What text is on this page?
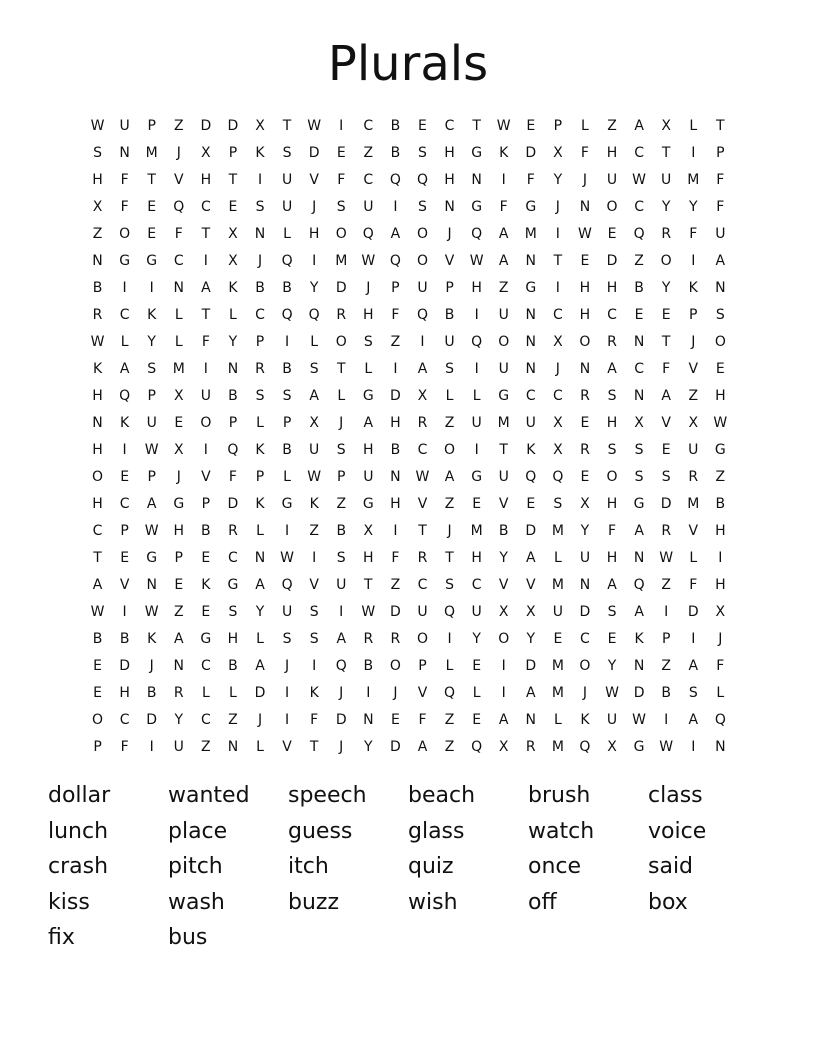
Plurals
W	U	P	Z	D	D	X	T	W	I	C	B	E	C	T	W	E	P	L	Z	A	X	L	T
S	N	M	J	X	P	K	S	D	E	Z	B	S	H	G	K	D	X	F	H	C	T	I	P
H	F	T	V	H	T	I	U	V	F	C	Q	Q	H	N	I	F	Y	J	U	W	U	M	F
X	F	E	Q	C	E	S	U	J	S	U	I	S	N	G	F	G	J	N	O	C	Y	Y	F
Z	O	E	F	T	X	N	L	H	O	Q	A	O	J	Q	A	M	I	W	E	Q	R	F	U
N	G	G	C	I	X	J	Q	I	M	W	Q	O	V	W	A	N	T	E	D	Z	O	I	A
B	I	I	N	A	K	B	B	Y	D	J	P	U	P	H	Z	G	I	H	H	B	Y	K	N
R	C	K	L	T	L	C	Q	Q	R	H	F	Q	B	I	U	N	C	H	C	E	E	P	S
W	L	Y	L	F	Y	P	I	L	O	S	Z	I	U	Q	O	N	X	O	R	N	T	J	O
K	A	S	M	I	N	R	B	S	T	L	I	A	S	I	U	N	J	N	A	C	F	V	E
H	Q	P	X	U	B	S	S	A	L	G	D	X	L	L	G	C	C	R	S	N	A	Z	H
N	K	U	E	O	P	L	P	X	J	A	H	R	Z	U	M	U	X	E	H	X	V	X	W
H	I	W	X	I	Q	K	B	U	S	H	B	C	O	I	T	K	X	R	S	S	E	U	G
O	E	P	J	V	F	P	L	W	P	U	N	W	A	G	U	Q	Q	E	O	S	S	R	Z
H	C	A	G	P	D	K	G	K	Z	G	H	V	Z	E	V	E	S	X	H	G	D	M	B
C	P	W	H	B	R	L	I	Z	B	X	I	T	J	M	B	D	M	Y	F	A	R	V	H
T	E	G	P	E	C	N	W	I	S	H	F	R	T	H	Y	A	L	U	H	N	W	L	I
A	V	N	E	K	G	A	Q	V	U	T	Z	C	S	C	V	V	M	N	A	Q	Z	F	H
W	I	W	Z	E	S	Y	U	S	I	W	D	U	Q	U	X	X	U	D	S	A	I	D	X
B	B	K	A	G	H	L	S	S	A	R	R	O	I	Y	O	Y	E	C	E	K	P	I	J
E	D	J	N	C	B	A	J	I	Q	B	O	P	L	E	I	D	M	O	Y	N	Z	A	F
E	H	B	R	L	L	D	I	K	J	I	J	V	Q	L	I	A	M	J	W	D	B	S	L
O	C	D	Y	C	Z	J	I	F	D	N	E	F	Z	E	A	N	L	K	U	W	I	A	Q
P	F	I	U	Z	N	L	V	T	J	Y	D	A	Z	Q	X	R	M	Q	X	G	W	I	N
dollar	wanted	speech	beach	brush	class
lunch	place	guess	glass	watch	voice
crash	pitch	itch	quiz	once	said
kiss	wash	buzz	wish	off	box
fix	bus
